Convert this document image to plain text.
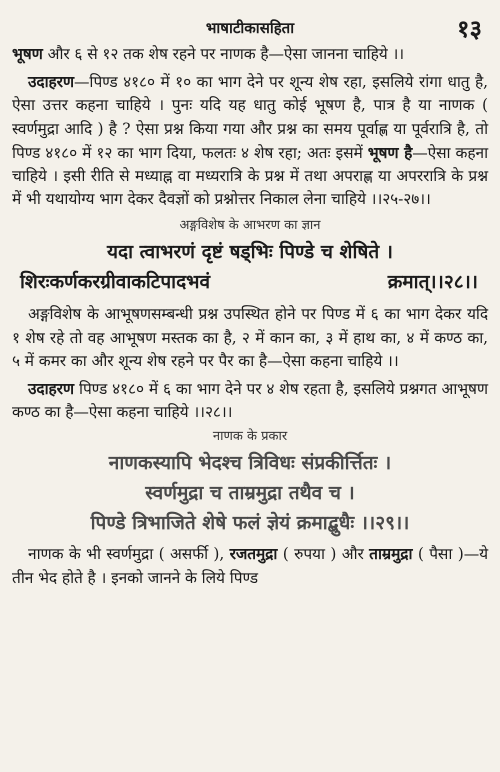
भाषाटीकासहिता	१३

भूषण और ६ से १२ तक शेष रहने पर नाणक है—ऐसा जानना चाहिये ।।

उदाहरण—पिण्ड ४१८० में १० का भाग देने पर शून्य शेष रहा, इसलिये रांगा धातु है, ऐसा उत्तर कहना चाहिये । पुनः यदि यह धातु कोई भूषण है, पात्र है या नाणक ( स्वर्णमुद्रा आदि ) है ? ऐसा प्रश्न किया गया और प्रश्न का समय पूर्वाह्ण या पूर्वरात्रि है, तो पिण्ड ४१८० में १२ का भाग दिया, फलतः ४ शेष रहा; अतः इसमें भूषण है—ऐसा कहना चाहिये । इसी रीति से मध्याह्न वा मध्यरात्रि के प्रश्न में तथा अपराह्ण या अपररात्रि के प्रश्न में भी यथायोग्य भाग देकर दैवज्ञों को प्रश्नोत्तर निकाल लेना चाहिये ।।२५-२७।।

अङ्गविशेष के आभरण का ज्ञान

यदा त्वाभरणं दृष्टं षड्भिः पिण्डे च शेषिते ।

शिरःकर्णकरग्रीवाकटिपादभवं	क्रमात्।।२८।।

अङ्गविशेष के आभूषणसम्बन्धी प्रश्न उपस्थित होने पर पिण्ड में ६ का भाग देकर यदि १ शेष रहे तो वह आभूषण मस्तक का है, २ में कान का, ३ में हाथ का, ४ में कण्ठ का, ५ में कमर का और शून्य शेष रहने पर पैर का है—ऐसा कहना चाहिये ।।

उदाहरण पिण्ड ४१८० में ६ का भाग देने पर ४ शेष रहता है, इसलिये प्रश्नगत आभूषण कण्ठ का है—ऐसा कहना चाहिये ।।२८।।

नाणक के प्रकार

नाणकस्यापि भेदश्च त्रिविधः संप्रकीर्त्तितः ।

स्वर्णमुद्रा च ताम्रमुद्रा तथैव च ।

पिण्डे त्रिभाजिते शेषे फलं ज्ञेयं क्रमाद्बुधैः ।।२९।।

नाणक के भी स्वर्णमुद्रा ( असर्फी ), रजतमुद्रा ( रुपया ) और ताम्रमुद्रा ( पैसा )—ये तीन भेद होते है । इनको जानने के लिये पिण्ड
